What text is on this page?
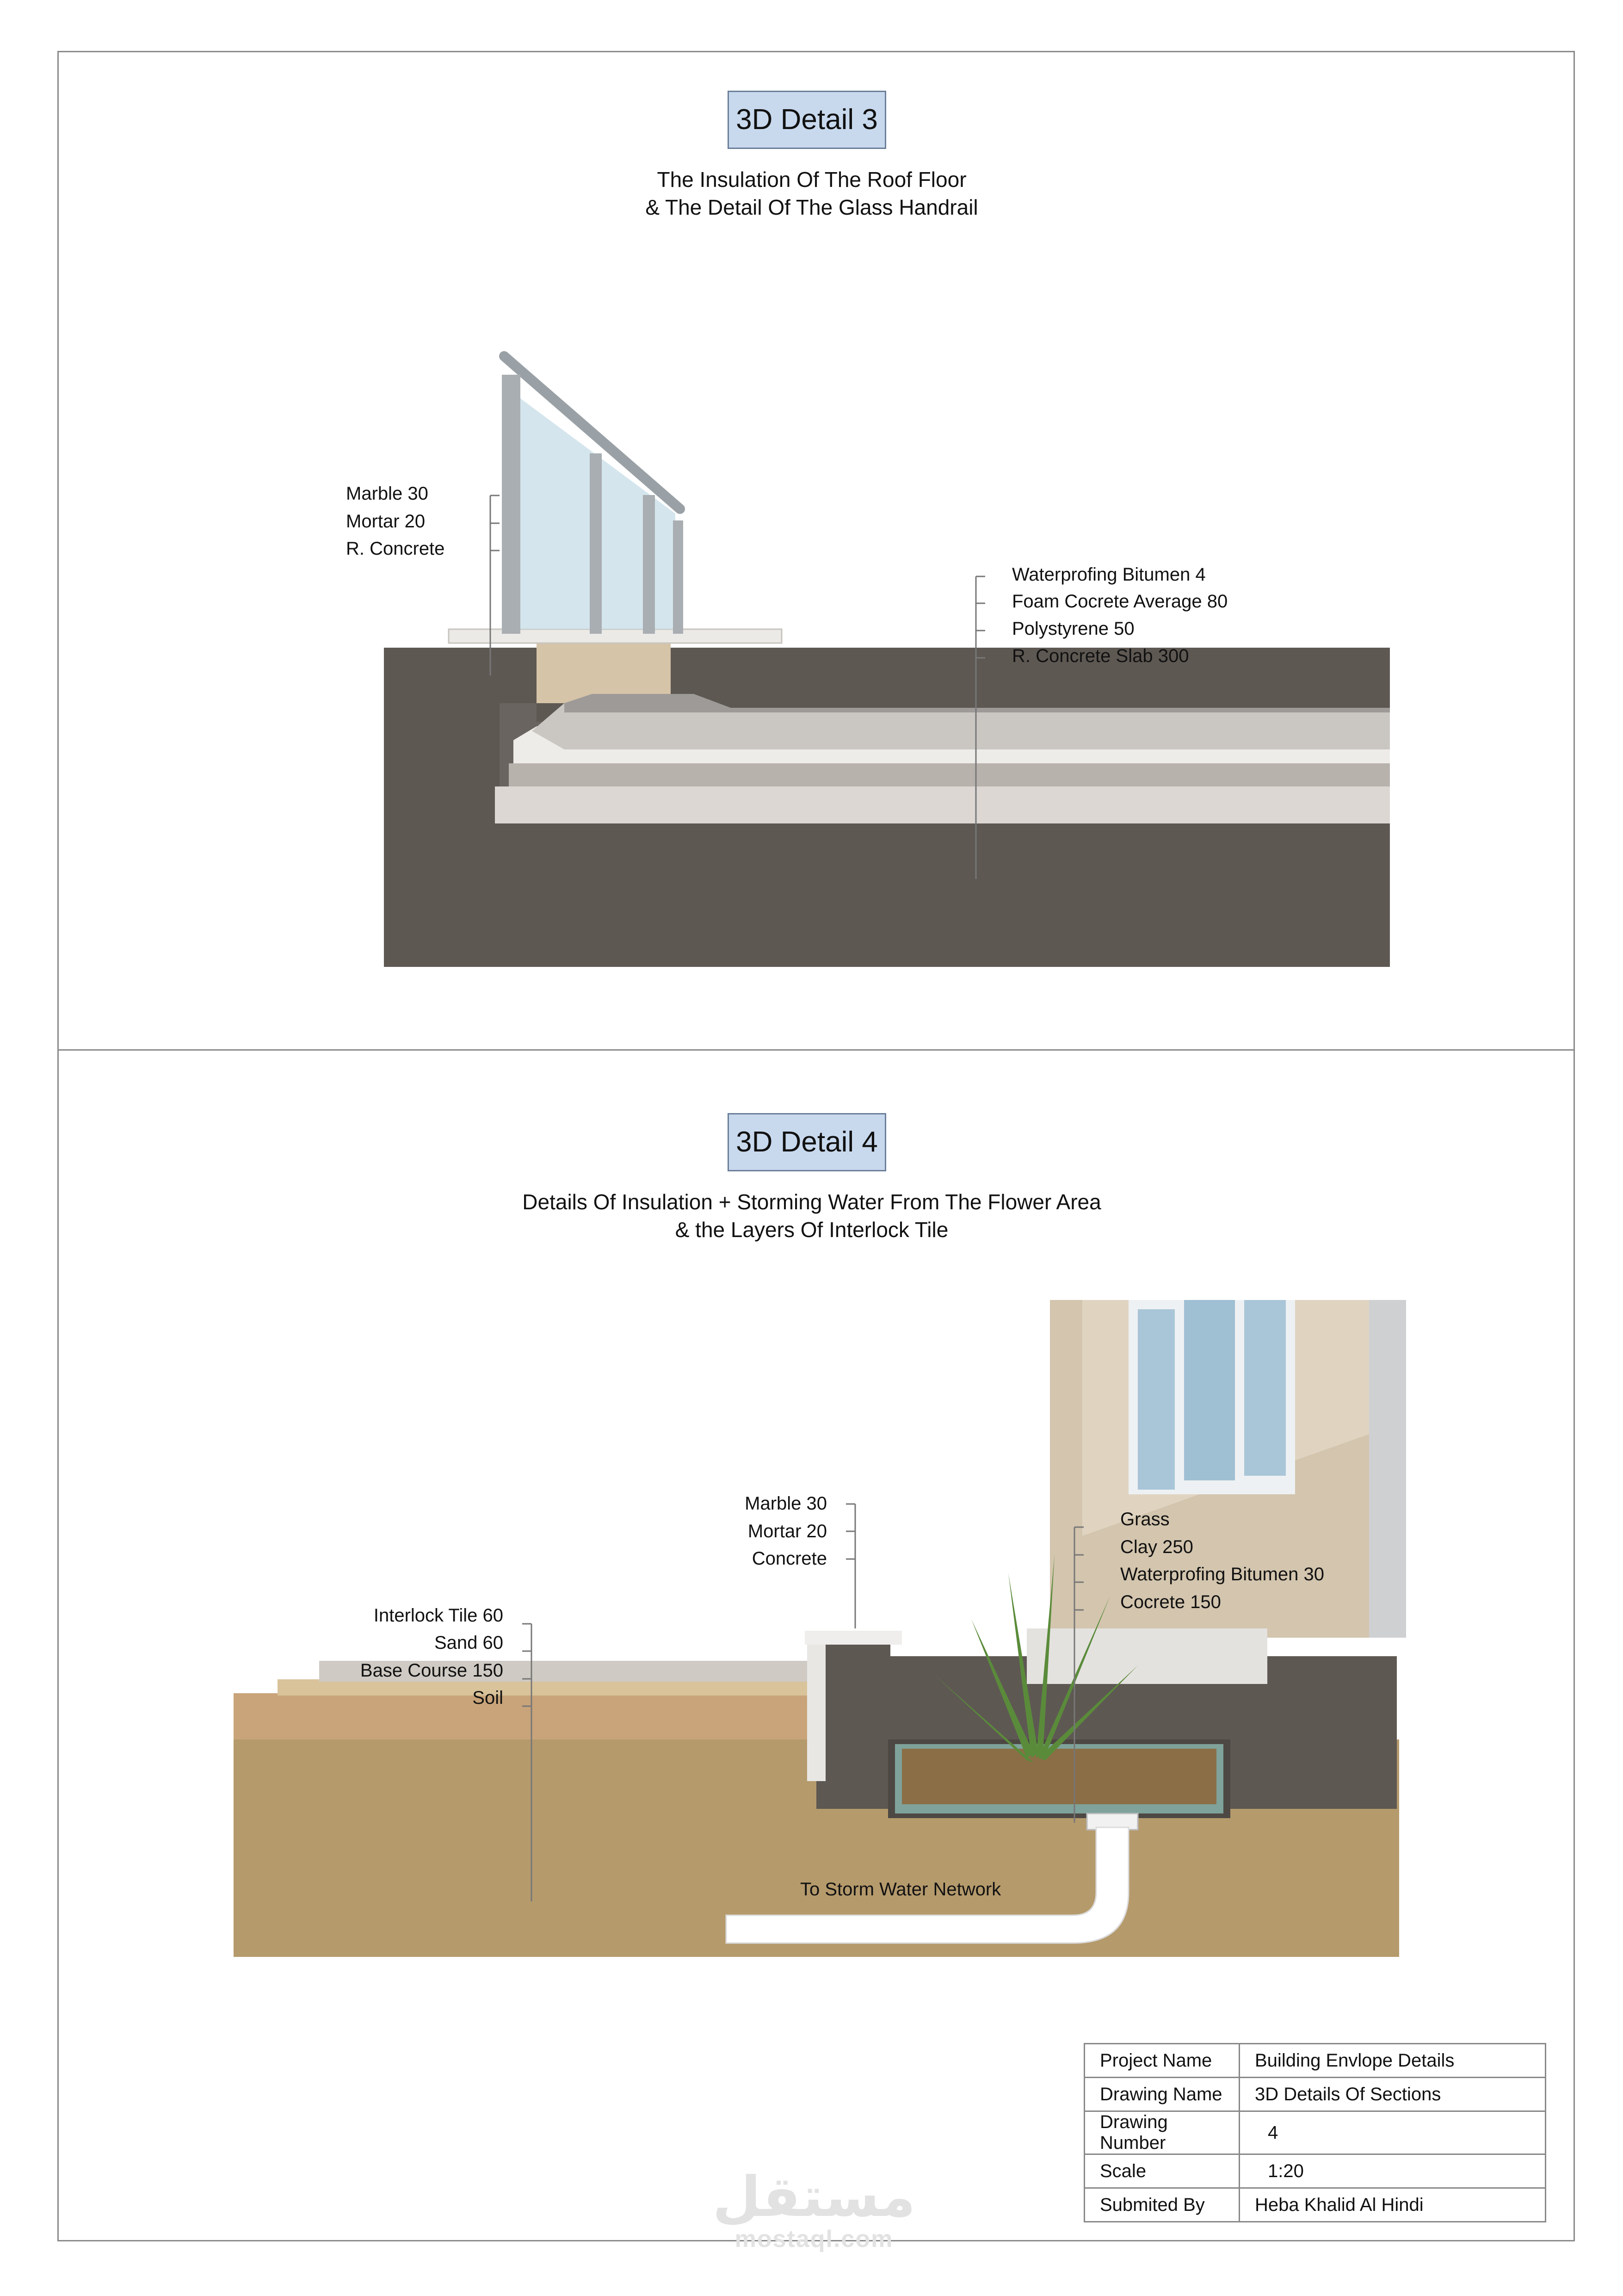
3D Detail 3
The Insulation Of The Roof Floor
& The Detail Of The Glass Handrail
Marble 30
Mortar 20
R. Concrete
Waterprofing Bitumen 4
Foam Cocrete Average 80
Polystyrene 50
R. Concrete Slab 300
3D Detail 4
Details Of Insulation + Storming Water From The Flower Area
& the Layers Of Interlock Tile
Interlock Tile 60
Sand 60
Base Course 150
Soil
Marble 30
Mortar 20
Concrete
Grass
Clay 250
Waterprofing Bitumen 30
Cocrete 150
To Storm Water Network
Project Name	Building Envlope Details
Drawing Name	3D Details Of Sections
Drawing Number	4
Scale	1:20
Submited By	Heba Khalid Al Hindi
مستقل
mostaql.com
